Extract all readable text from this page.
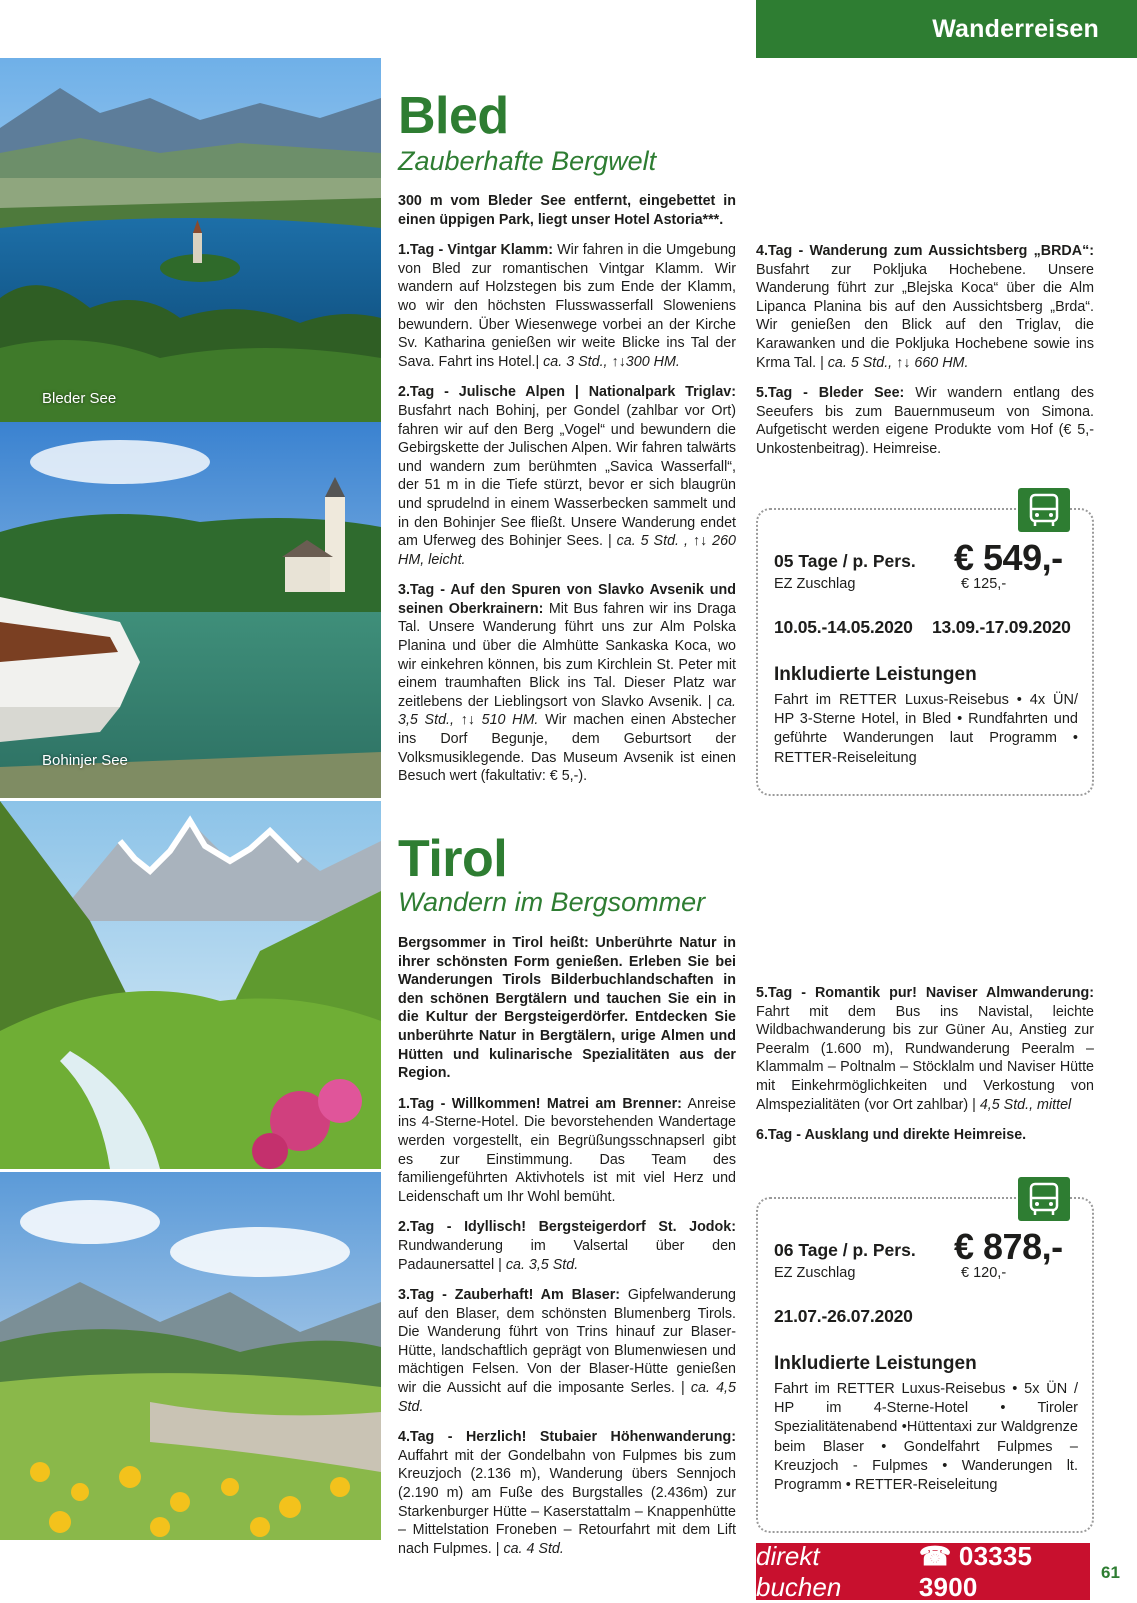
Wanderreisen
Bleder See
Bohinjer See
Bled
Zauberhafte Bergwelt

300 m vom Bleder See entfernt, eingebettet in einen üppigen Park, liegt unser Hotel Astoria***.

1.Tag - Vintgar Klamm: Wir fahren in die Umgebung von Bled zur romantischen Vintgar Klamm. Wir wandern auf Holzstegen bis zum Ende der Klamm, wo wir den höchsten Flusswasserfall Sloweniens bewundern. Über Wiesenwege vorbei an der Kirche Sv. Katharina genießen wir weite Blicke ins Tal der Sava. Fahrt ins Hotel.| ca. 3 Std., ↑↓300 HM.

2.Tag - Julische Alpen | Nationalpark Triglav: Busfahrt nach Bohinj, per Gondel (zahlbar vor Ort) fahren wir auf den Berg „Vogel“ und bewundern die Gebirgskette der Julischen Alpen. Wir fahren talwärts und wandern zum berühmten „Savica Wasserfall“, der 51 m in die Tiefe stürzt, bevor er sich blaugrün und sprudelnd in einem Wasserbecken sammelt und in den Bohinjer See fließt. Unsere Wanderung endet am Uferweg des Bohinjer Sees. | ca. 5 Std. , ↑↓ 260 HM, leicht.

3.Tag - Auf den Spuren von Slavko Avsenik und seinen Oberkrainern: Mit Bus fahren wir ins Draga Tal. Unsere Wanderung führt uns zur Alm Polska Planina und über die Almhütte Sankaska Koca, wo wir einkehren können, bis zum Kirchlein St. Peter mit einem traumhaften Blick ins Tal. Dieser Platz war zeitlebens der Lieblingsort von Slavko Avsenik. | ca. 3,5 Std., ↑↓ 510 HM. Wir machen einen Abstecher ins Dorf Begunje, dem Geburtsort der Volksmusiklegende. Das Museum Avsenik ist einen Besuch wert (fakultativ: € 5,-).

4.Tag - Wanderung zum Aussichtsberg „BRDA“: Busfahrt zur Pokljuka Hochebene. Unsere Wanderung führt zur „Blejska Koca“ über die Alm Lipanca Planina bis auf den Aussichtsberg „Brda“. Wir genießen den Blick auf den Triglav, die Karawanken und die Pokljuka Hochebene sowie ins Krma Tal. | ca. 5 Std., ↑↓ 660 HM.

5.Tag - Bleder See: Wir wandern entlang des Seeufers bis zum Bauernmuseum von Simona. Aufgetischt werden eigene Produkte vom Hof (€ 5,- Unkostenbeitrag). Heimreise.

05 Tage / p. Pers. € 549,-
EZ Zuschlag	€ 125,-
10.05.-14.05.2020 13.09.-17.09.2020
Inkludierte Leistungen
Fahrt im RETTER Luxus-Reisebus • 4x ÜN/ HP 3-Sterne Hotel, in Bled • Rundfahrten und geführte Wanderungen laut Programm • RETTER-Reiseleitung
Tirol
Wandern im Bergsommer

Bergsommer in Tirol heißt: Unberührte Natur in ihrer schönsten Form genießen. Erleben Sie bei Wanderungen Tirols Bilderbuchlandschaften in den schönen Bergtälern und tauchen Sie ein in die Kultur der Bergsteigerdörfer. Entdecken Sie unberührte Natur in Bergtälern, urige Almen und Hütten und kulinarische Spezialitäten aus der Region.

1.Tag - Willkommen! Matrei am Brenner: Anreise ins 4-Sterne-Hotel. Die bevorstehenden Wandertage werden vorgestellt, ein Begrüßungsschnapserl gibt es zur Einstimmung. Das Team des familiengeführten Aktivhotels ist mit viel Herz und Leidenschaft um Ihr Wohl bemüht.

2.Tag - Idyllisch! Bergsteigerdorf St. Jodok: Rundwanderung im Valsertal über den Padaunersattel | ca. 3,5 Std.

3.Tag - Zauberhaft! Am Blaser: Gipfelwanderung auf den Blaser, dem schönsten Blumenberg Tirols. Die Wanderung führt von Trins hinauf zur Blaser-Hütte, landschaftlich geprägt von Blumenwiesen und mächtigen Felsen. Von der Blaser-Hütte genießen wir die Aussicht auf die imposante Serles. | ca. 4,5 Std.

4.Tag - Herzlich! Stubaier Höhenwanderung: Auffahrt mit der Gondelbahn von Fulpmes bis zum Kreuzjoch (2.136 m), Wanderung übers Sennjoch (2.190 m) am Fuße des Burgstalles (2.436m) zur Starkenburger Hütte – Kaserstattalm – Knappenhütte – Mittelstation Froneben – Retourfahrt mit dem Lift nach Fulpmes. | ca. 4 Std.

5.Tag - Romantik pur! Naviser Almwanderung: Fahrt mit dem Bus ins Navistal, leichte Wildbachwanderung bis zur Güner Au, Anstieg zur Peeralm (1.600 m), Rundwanderung Peeralm – Klammalm – Poltnalm – Stöcklalm und Naviser Hütte mit Einkehrmöglichkeiten und Verkostung von Almspezialitäten (vor Ort zahlbar) | 4,5 Std., mittel

6.Tag - Ausklang und direkte Heimreise.

06 Tage / p. Pers. € 878,-
EZ Zuschlag	€ 120,-
21.07.-26.07.2020
Inkludierte Leistungen
Fahrt im RETTER Luxus-Reisebus • 5x ÜN / HP im 4-Sterne-Hotel • Tiroler Spezialitätenabend •Hüttentaxi zur Waldgrenze beim Blaser • Gondelfahrt Fulpmes – Kreuzjoch - Fulpmes • Wanderungen lt. Programm • RETTER-Reiseleitung
direkt buchen
☎ 03335 3900	61
